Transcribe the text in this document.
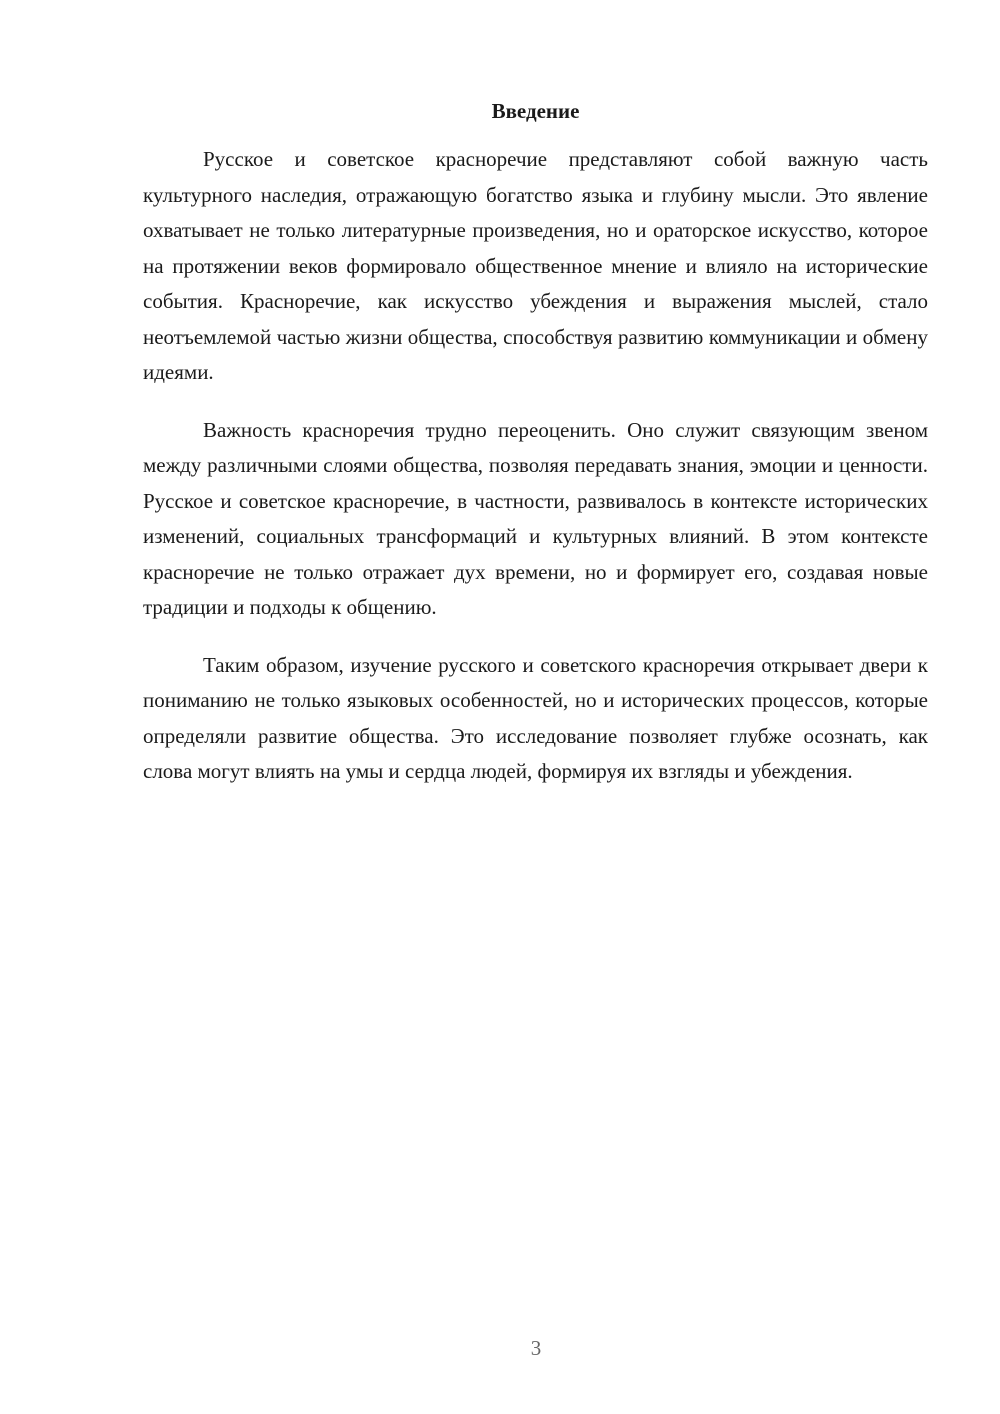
Введение

Русское и советское красноречие представляют собой важную часть культурного наследия, отражающую богатство языка и глубину мысли. Это явление охватывает не только литературные произведения, но и ораторское искусство, которое на протяжении веков формировало общественное мнение и влияло на исторические события. Красноречие, как искусство убеждения и выражения мыслей, стало неотъемлемой частью жизни общества, способствуя развитию коммуникации и обмену идеями.

Важность красноречия трудно переоценить. Оно служит связующим звеном между различными слоями общества, позволяя передавать знания, эмоции и ценности. Русское и советское красноречие, в частности, развивалось в контексте исторических изменений, социальных трансформаций и культурных влияний. В этом контексте красноречие не только отражает дух времени, но и формирует его, создавая новые традиции и подходы к общению.

Таким образом, изучение русского и советского красноречия открывает двери к пониманию не только языковых особенностей, но и исторических процессов, которые определяли развитие общества. Это исследование позволяет глубже осознать, как слова могут влиять на умы и сердца людей, формируя их взгляды и убеждения.

3
